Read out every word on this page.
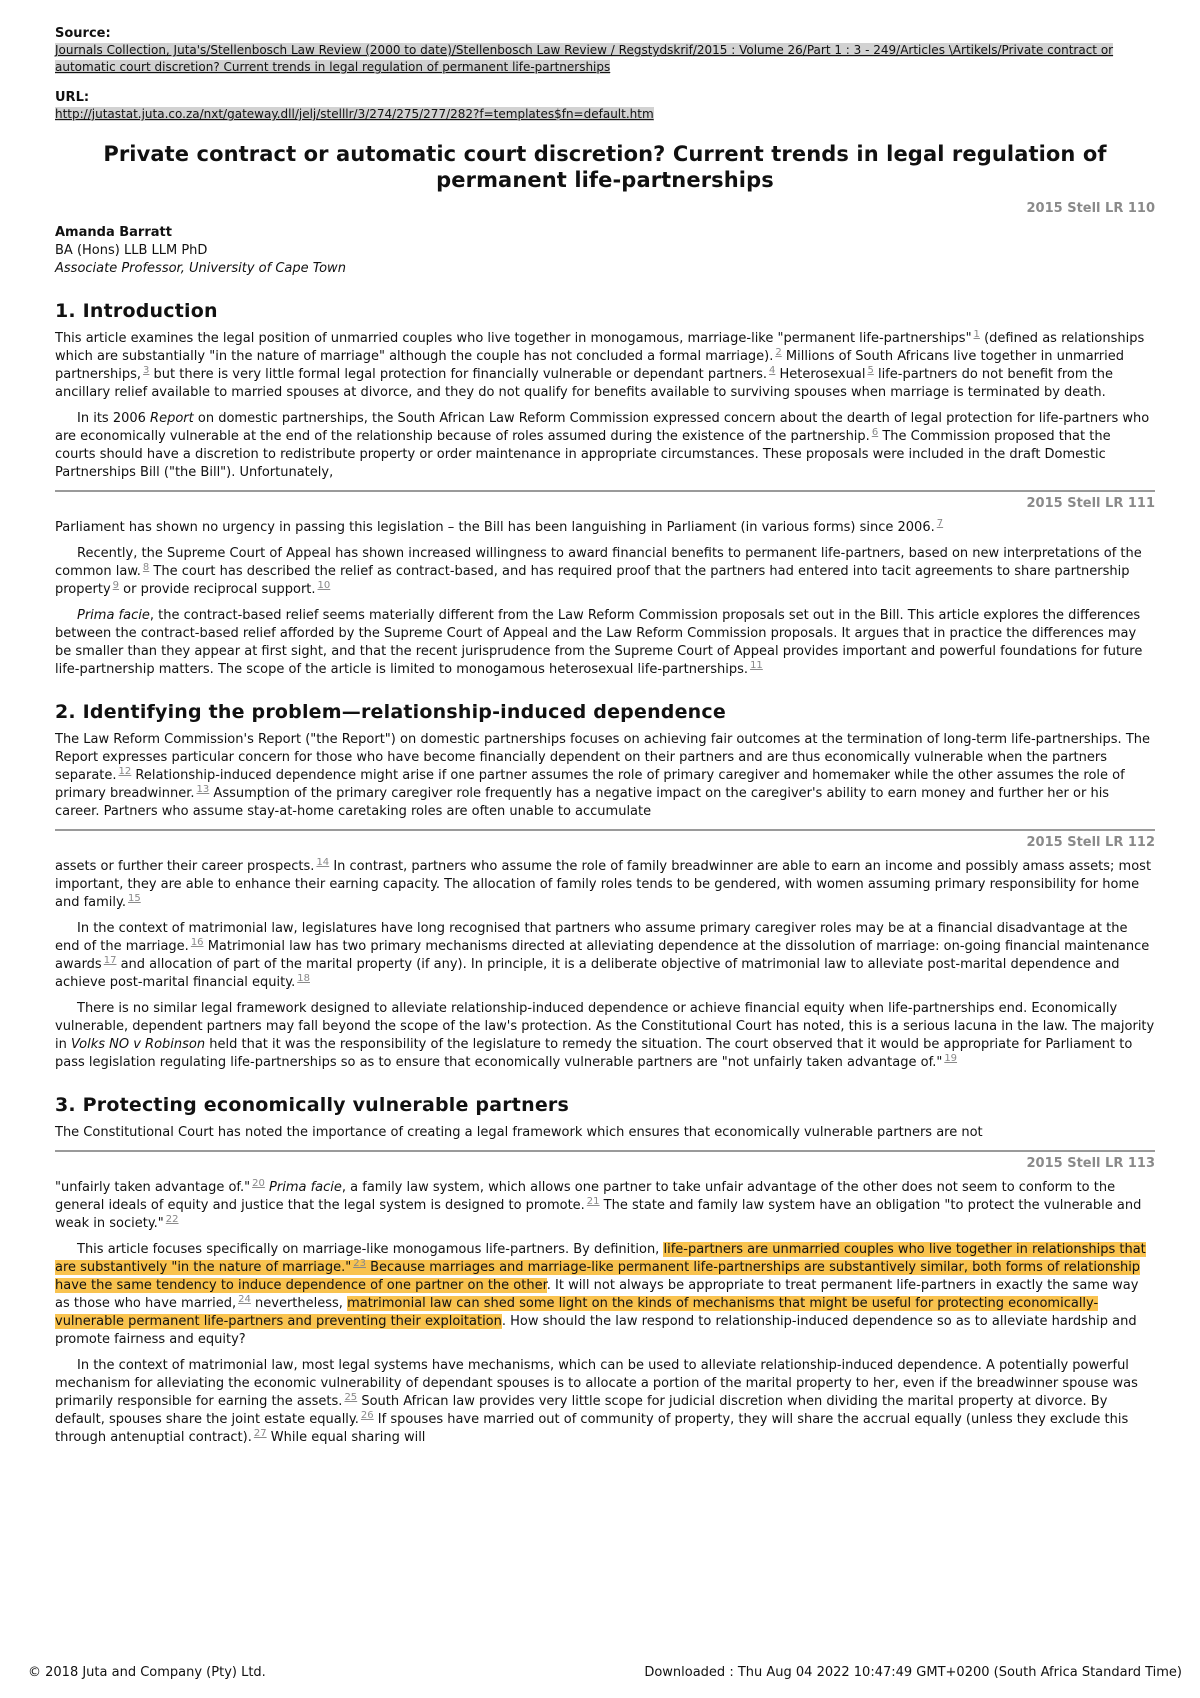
Source:
Journals Collection, Juta's/Stellenbosch Law Review (2000 to date)/Stellenbosch Law Review / Regstydskrif/2015 : Volume 26/Part 1 : 3 - 249/Articles \Artikels/Private contract or automatic court discretion? Current trends in legal regulation of permanent life-partnerships
URL:
http://jutastat.juta.co.za/nxt/gateway.dll/jelj/stelllr/3/274/275/277/282?f=templates$fn=default.htm
Private contract or automatic court discretion? Current trends in legal regulation of permanent life-partnerships
2015 Stell LR 110
Amanda Barratt
BA (Hons) LLB LLM PhD
Associate Professor, University of Cape Town
1. Introduction

This article examines the legal position of unmarried couples who live together in monogamous, marriage-like "permanent life-partnerships" $^1$ (defined as relationships which are substantially "in the nature of marriage" although the couple has not concluded a formal marriage). $^2$ Millions of South Africans live together in unmarried partnerships, $^3$ but there is very little formal legal protection for financially vulnerable or dependant partners. $^4$ Heterosexual $^5$ life-partners do not benefit from the ancillary relief available to married spouses at divorce, and they do not qualify for benefits available to surviving spouses when marriage is terminated by death.

In its 2006 Report on domestic partnerships, the South African Law Reform Commission expressed concern about the dearth of legal protection for life-partners who are economically vulnerable at the end of the relationship because of roles assumed during the existence of the partnership. $^6$ The Commission proposed that the courts should have a discretion to redistribute property or order maintenance in appropriate circumstances. These proposals were included in the draft Domestic Partnerships Bill ("the Bill"). Unfortunately,

2015 Stell LR 111

Parliament has shown no urgency in passing this legislation – the Bill has been languishing in Parliament (in various forms) since 2006. $^7$

Recently, the Supreme Court of Appeal has shown increased willingness to award financial benefits to permanent life-partners, based on new interpretations of the common law. $^8$ The court has described the relief as contract-based, and has required proof that the partners had entered into tacit agreements to share partnership property $^9$ or provide reciprocal support. $^{10}$

Prima facie, the contract-based relief seems materially different from the Law Reform Commission proposals set out in the Bill. This article explores the differences between the contract-based relief afforded by the Supreme Court of Appeal and the Law Reform Commission proposals. It argues that in practice the differences may be smaller than they appear at first sight, and that the recent jurisprudence from the Supreme Court of Appeal provides important and powerful foundations for future life-partnership matters. The scope of the article is limited to monogamous heterosexual life-partnerships. $^{11}$

2. Identifying the problem—relationship-induced dependence

The Law Reform Commission's Report ("the Report") on domestic partnerships focuses on achieving fair outcomes at the termination of long-term life-partnerships. The Report expresses particular concern for those who have become financially dependent on their partners and are thus economically vulnerable when the partners separate. $^{12}$ Relationship-induced dependence might arise if one partner assumes the role of primary caregiver and homemaker while the other assumes the role of primary breadwinner. $^{13}$ Assumption of the primary caregiver role frequently has a negative impact on the caregiver's ability to earn money and further her or his career. Partners who assume stay-at-home caretaking roles are often unable to accumulate

2015 Stell LR 112

assets or further their career prospects. $^{14}$ In contrast, partners who assume the role of family breadwinner are able to earn an income and possibly amass assets; most important, they are able to enhance their earning capacity. The allocation of family roles tends to be gendered, with women assuming primary responsibility for home and family. $^{15}$

In the context of matrimonial law, legislatures have long recognised that partners who assume primary caregiver roles may be at a financial disadvantage at the end of the marriage. $^{16}$ Matrimonial law has two primary mechanisms directed at alleviating dependence at the dissolution of marriage: on-going financial maintenance awards $^{17}$ and allocation of part of the marital property (if any). In principle, it is a deliberate objective of matrimonial law to alleviate post-marital dependence and achieve post-marital financial equity. $^{18}$

There is no similar legal framework designed to alleviate relationship-induced dependence or achieve financial equity when life-partnerships end. Economically vulnerable, dependent partners may fall beyond the scope of the law's protection. As the Constitutional Court has noted, this is a serious lacuna in the law. The majority in Volks NO v Robinson held that it was the responsibility of the legislature to remedy the situation. The court observed that it would be appropriate for Parliament to pass legislation regulating life-partnerships so as to ensure that economically vulnerable partners are "not unfairly taken advantage of." $^{19}$

3. Protecting economically vulnerable partners

The Constitutional Court has noted the importance of creating a legal framework which ensures that economically vulnerable partners are not

2015 Stell LR 113

"unfairly taken advantage of." $^{20}$ Prima facie, a family law system, which allows one partner to take unfair advantage of the other does not seem to conform to the general ideals of equity and justice that the legal system is designed to promote. $^{21}$ The state and family law system have an obligation "to protect the vulnerable and weak in society." $^{22}$

This article focuses specifically on marriage-like monogamous life-partners. By definition, life-partners are unmarried couples who live together in relationships that are substantively "in the nature of marriage." $^{23}$ Because marriages and marriage-like permanent life-partnerships are substantively similar, both forms of relationship have the same tendency to induce dependence of one partner on the other. It will not always be appropriate to treat permanent life-partners in exactly the same way as those who have married, $^{24}$ nevertheless, matrimonial law can shed some light on the kinds of mechanisms that might be useful for protecting economically-vulnerable permanent life-partners and preventing their exploitation. How should the law respond to relationship-induced dependence so as to alleviate hardship and promote fairness and equity?

In the context of matrimonial law, most legal systems have mechanisms, which can be used to alleviate relationship-induced dependence. A potentially powerful mechanism for alleviating the economic vulnerability of dependant spouses is to allocate a portion of the marital property to her, even if the breadwinner spouse was primarily responsible for earning the assets. $^{25}$ South African law provides very little scope for judicial discretion when dividing the marital property at divorce. By default, spouses share the joint estate equally. $^{26}$ If spouses have married out of community of property, they will share the accrual equally (unless they exclude this through antenuptial contract). $^{27}$ While equal sharing will

© 2018 Juta and Company (Pty) Ltd.	Downloaded : Thu Aug 04 2022 10:47:49 GMT+0200 (South Africa Standard Time)
